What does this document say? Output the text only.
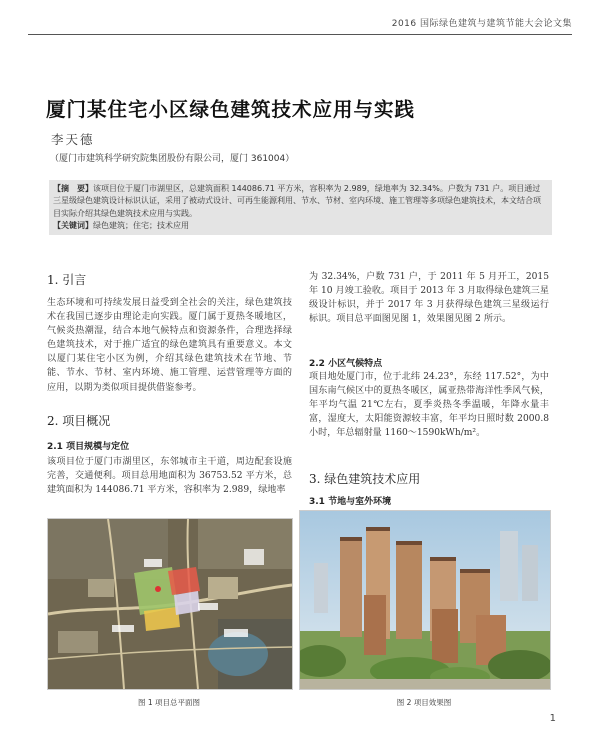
2016 国际绿色建筑与建筑节能大会论文集
厦门某住宅小区绿色建筑技术应用与实践
李天德
（厦门市建筑科学研究院集团股份有限公司，厦门 361004）

【摘　要】该项目位于厦门市湖里区，总建筑面积 144086.71 平方米，容积率为 2.989，绿地率为 32.34%。户数为 731 户。项目通过三星级绿色建筑设计标识认证，采用了被动式设计、可再生能源利用、节水、节材、室内环境、施工管理等多项绿色建筑技术，本文结合项目实际介绍其绿色建筑技术应用与实践。

【关键词】绿色建筑；住宅；技术应用

1. 引言

生态环境和可持续发展日益受到全社会的关注，绿色建筑技术在我国已逐步由理论走向实践。厦门属于夏热冬暖地区，气候炎热潮湿，结合本地气候特点和资源条件，合理选择绿色建筑技术，对于推广适宜的绿色建筑具有重要意义。本文以厦门某住宅小区为例，介绍其绿色建筑技术在节地、节能、节水、节材、室内环境、施工管理、运营管理等方面的应用，以期为类似项目提供借鉴参考。

2. 项目概况
2.1 项目规模与定位

该项目位于厦门市湖里区，东邻城市主干道，周边配套设施完善，交通便利。项目总用地面积为 36753.52 平方米，总建筑面积为 144086.71 平方米，容积率为 2.989，绿地率

为 32.34%，户数 731 户，于 2011 年 5 月开工，2015 年 10 月竣工验收。项目于 2013 年 3 月取得绿色建筑三星级设计标识，并于 2017 年 3 月获得绿色建筑三星级运行标识。项目总平面图见图 1，效果图见图 2 所示。

2.2 小区气候特点

项目地处厦门市，位于北纬 24.23°，东经 117.52°，为中国东南气候区中的夏热冬暖区，属亚热带海洋性季风气候，年平均气温 21℃左右，夏季炎热冬季温暖，年降水量丰富，湿度大，太阳能资源较丰富，年平均日照时数 2000.8 小时，年总辐射量 1160～1590kWh/m²。

3. 绿色建筑技术应用
3.1 节地与室外环境
图 1 项目总平面图	图 2 项目效果图
1
